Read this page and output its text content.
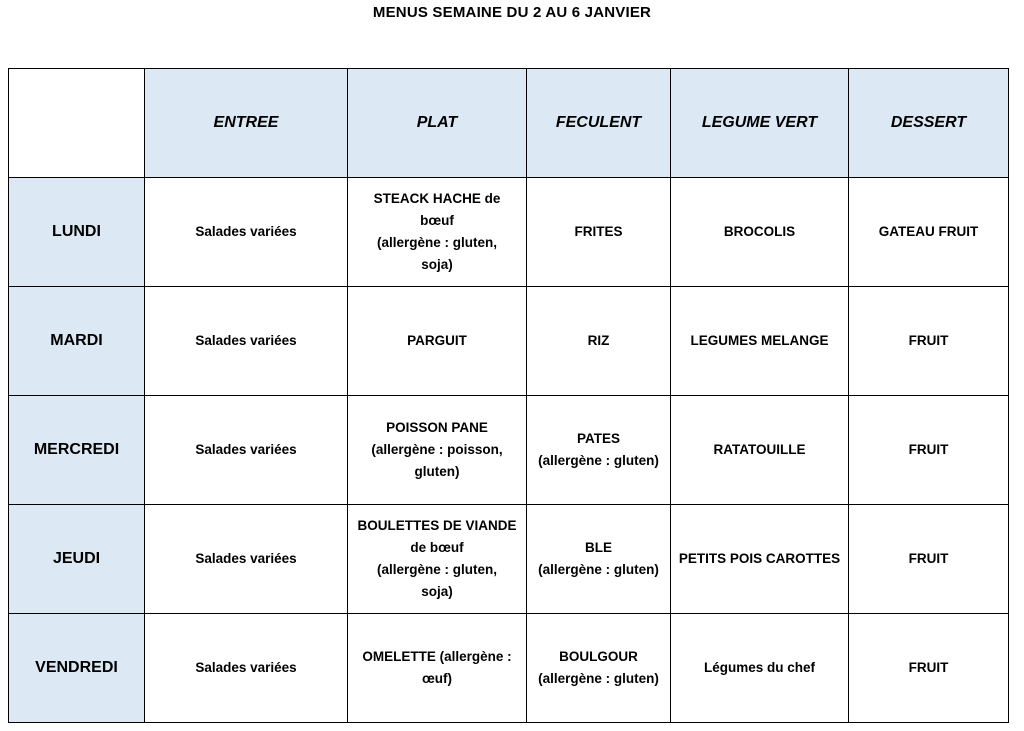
MENUS SEMAINE DU 2 AU 6 JANVIER
	ENTREE	PLAT	FECULENT	LEGUME VERT	DESSERT
LUNDI	Salades variées	STEACK HACHE de
bœuf
(allergène : gluten,
soja)	FRITES	BROCOLIS	GATEAU FRUIT

MARDI	Salades variées	PARGUIT	RIZ	LEGUMES MELANGE	FRUIT

MERCREDI	Salades variées	POISSON PANE
(allergène : poisson,
gluten)	PATES
(allergène : gluten)	RATATOUILLE	FRUIT

JEUDI	Salades variées	BOULETTES DE VIANDE
de bœuf
(allergène : gluten,
soja)	BLE
(allergène : gluten)	PETITS POIS CAROTTES	FRUIT

VENDREDI	Salades variées	OMELETTE (allergène :
œuf)	BOULGOUR
(allergène : gluten)	Légumes du chef	FRUIT
